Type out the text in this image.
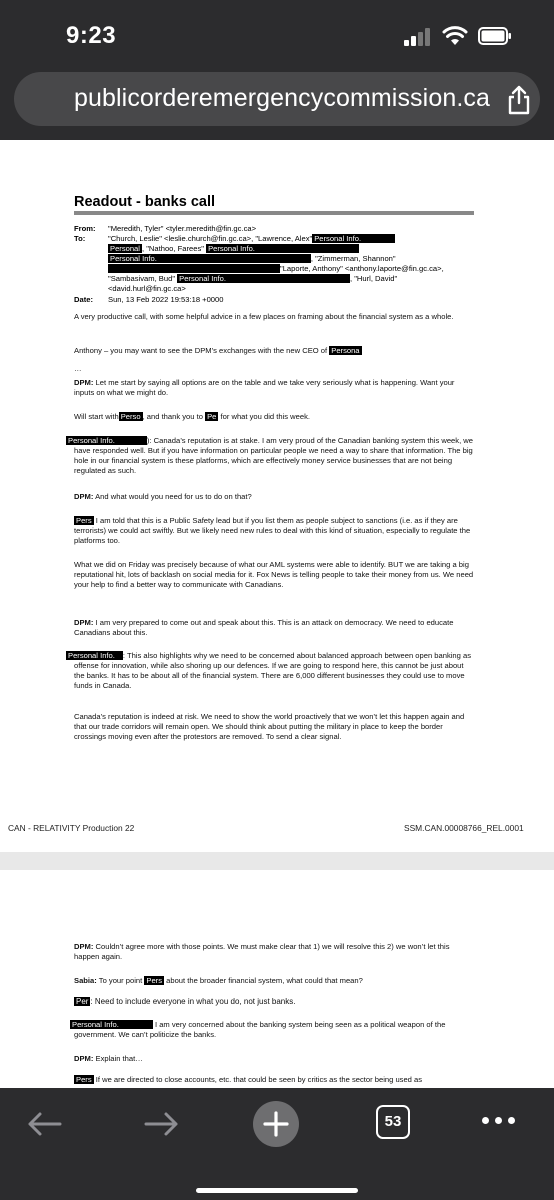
9:23
publicorderemergencycommission.ca
Readout - banks call
From: "Meredith, Tyler" <tyler.meredith@fin.gc.ca>
To:	"Church, Leslie" <leslie.church@fin.gc.ca>, "Lawrence, Alex" Personal Info.
Personal , "Nathoo, Farees" Personal Info.
Personal Info.	, "Zimmerman, Shannon"
"Laporte, Anthony" <anthony.laporte@fin.gc.ca>,
"Sambasivam, Bud" Personal Info.	, "Hurl, David"
<david.hurl@fin.gc.ca>
Date: Sun, 13 Feb 2022 19:53:18 +0000

A very productive call, with some helpful advice in a few places on framing about the financial system as a whole.

Anthony – you may want to see the DPM’s exchanges with the new CEO of Persona

…

DPM: Let me start by saying all options are on the table and we take very seriously what is happening. Want your inputs on what we might do.

Will start with Perso , and thank you to Pe for what you did this week.

Personal Info.	): Canada’s reputation is at stake. I am very proud of the Canadian banking system this week, we have responded well. But if you have information on particular people we need a way to share that information. The big hole in our financial system is these platforms, which are effectively money service businesses that are not being regulated as such.

DPM: And what would you need for us to do on that?

Pers I am told that this is a Public Safety lead but if you list them as people subject to sanctions (i.e. as if they are terrorists) we could act swiftly. But we likely need new rules to deal with this kind of situation, especially to regulate the platforms too.

What we did on Friday was precisely because of what our AML systems were able to identify. BUT we are taking a big reputational hit, lots of backlash on social media for it. Fox News is telling people to take their money from us. We need your help to find a better way to communicate with Canadians.

DPM: I am very prepared to come out and speak about this. This is an attack on democracy. We need to educate Canadians about this.

Personal Info. : This also highlights why we need to be concerned about balanced approach between open banking as offense for innovation, while also shoring up our defences. If we are going to respond here, this cannot be just about the banks. It has to be about all of the financial system. There are 6,000 different businesses they could use to move funds in Canada.

Canada’s reputation is indeed at risk. We need to show the world proactively that we won’t let this happen again and that our trade corridors will remain open. We should think about putting the military in place to keep the border crossings moving even after the protestors are removed. To send a clear signal.

CAN - RELATIVITY Production 22	SSM.CAN.00008766_REL.0001

DPM: Couldn’t agree more with those points. We must make clear that 1) we will resolve this 2) we won’t let this happen again.

Sabia: To your point Pers about the broader financial system, what could that mean?

Per : Need to include everyone in what you do, not just banks.

Personal Info.	I am very concerned about the banking system being seen as a political weapon of the government. We can’t politicize the banks.

DPM: Explain that…

Pers If we are directed to close accounts, etc. that could be seen by critics as the sector being used as

53
